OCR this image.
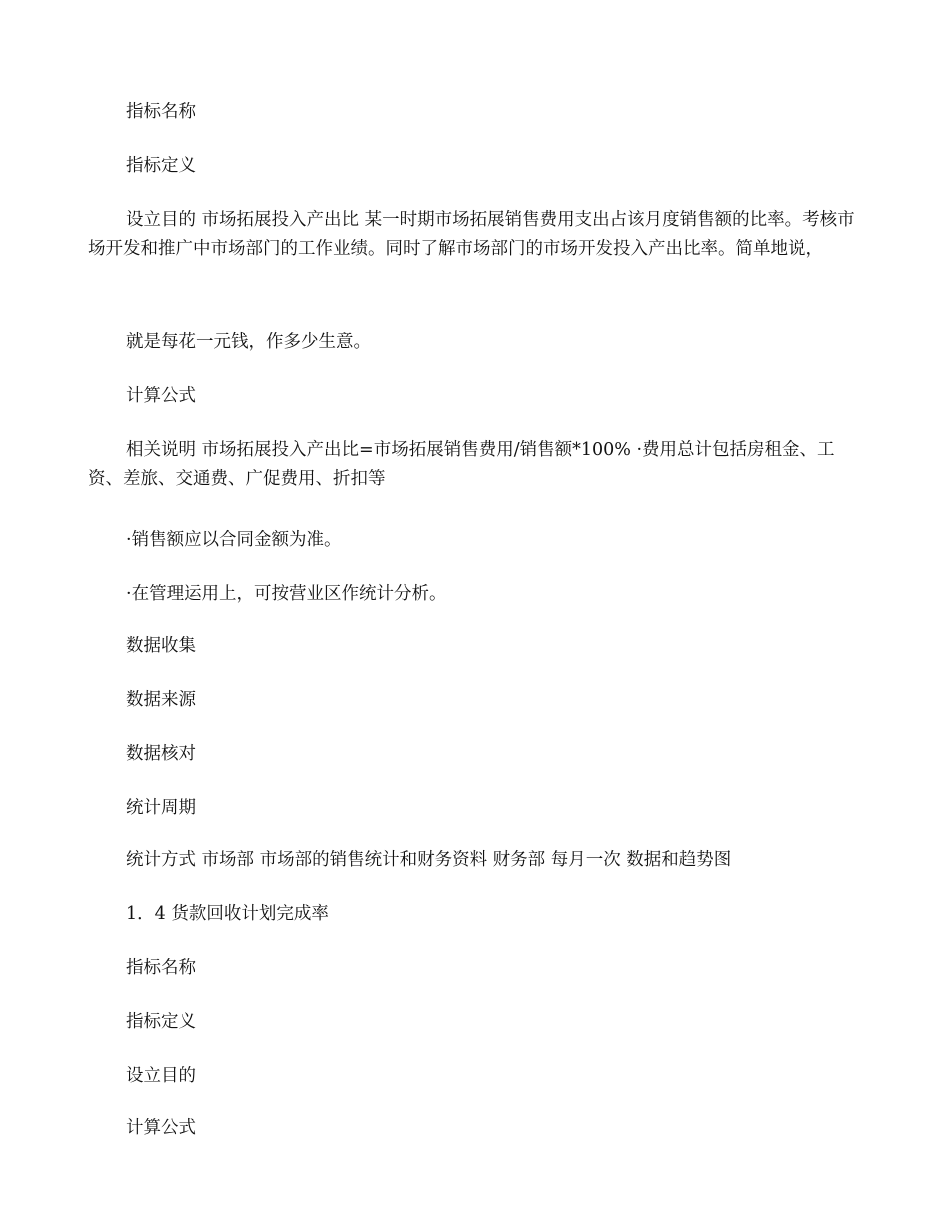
指标名称

指标定义

设立目的 市场拓展投入产出比 某一时期市场拓展销售费用支出占该月度销售额的比率。考核市场开发和推广中市场部门的工作业绩。同时了解市场部门的市场开发投入产出比率。简单地说，

就是每花一元钱，作多少生意。

计算公式

相关说明 市场拓展投入产出比=市场拓展销售费用/销售额*100% ·费用总计包括房租金、工资、差旅、交通费、广促费用、折扣等

·销售额应以合同金额为准。

·在管理运用上，可按营业区作统计分析。

数据收集

数据来源

数据核对

统计周期

统计方式 市场部 市场部的销售统计和财务资料 财务部 每月一次 数据和趋势图

1．4 货款回收计划完成率

指标名称

指标定义

设立目的

计算公式
